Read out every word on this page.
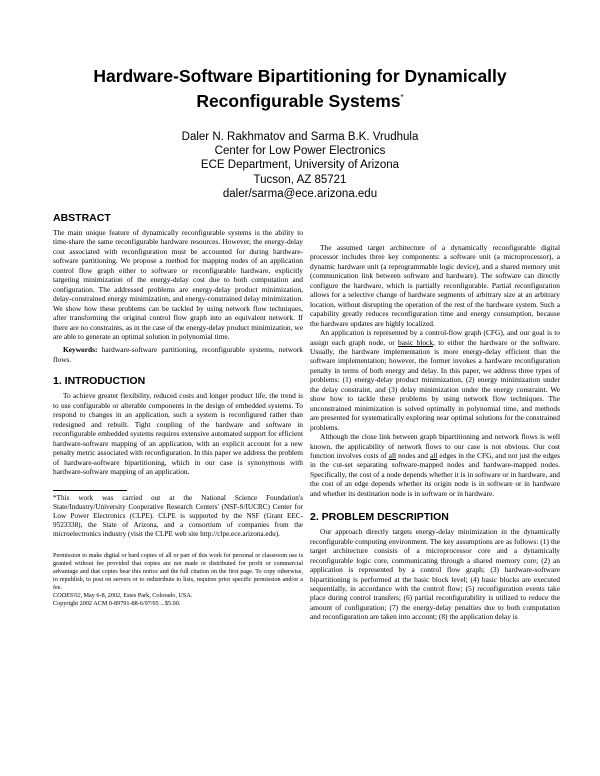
Hardware-Software Bipartitioning for Dynamically
Reconfigurable Systems*
Daler N. Rakhmatov and Sarma B.K. Vrudhula
Center for Low Power Electronics
ECE Department, University of Arizona
Tucson, AZ 85721
daler/sarma@ece.arizona.edu
ABSTRACT

The main unique feature of dynamically reconfigurable systems is the ability to time-share the same reconfigurable hardware resources. However, the energy-delay cost associated with reconfiguration must be accounted for during hardware-software partitioning. We propose a method for mapping nodes of an application control flow graph either to software or reconfigurable hardware, explicitly targeting minimization of the energy-delay cost due to both computation and configuration. The addressed problems are energy-delay product minimization, delay-constrained energy minimization, and energy-constrained delay minimization. We show how these problems can be tackled by using network flow techniques, after transforming the original control flow graph into an equivalent network. If there are no constraints, as in the case of the energy-delay product minimization, we are able to generate an optimal solution in polynomial time.

Keywords: hardware-software partitioning, reconfigurable systems, network flows.

1. INTRODUCTION

To achieve greater flexibility, reduced costs and longer product life, the trend is to use configurable or alterable components in the design of embedded systems. To respond to changes in an application, such a system is reconfigured rather than redesigned and rebuilt. Tight coupling of the hardware and software in reconfigurable embedded systems requires extensive automated support for efficient hardware-software mapping of an application, with an explicit account for a new penalty metric associated with reconfiguration. In this paper we address the problem of hardware-software bipartitioning, which in our case is synonymous with hardware-software mapping of an application.

*This work was carried out at the National Science Foundation's State/Industry/University Cooperative Research Centers' (NSF-S/IUCRC) Center for Low Power Electronics (CLPE). CLPE is supported by the NSF (Grant EEC-9523338), the State of Arizona, and a consortium of companies from the microelectronics industry (visit the CLPE web site http://clpe.ece.arizona.edu).

Permission to make digital or hard copies of all or part of this work for personal or classroom use is granted without fee provided that copies are not made or distributed for profit or commercial advantage and that copies bear this notice and the full citation on the first page. To copy otherwise, to republish, to post on servers or to redistribute to lists, requires prior specific permission and/or a fee.
CODES'02, May 6-8, 2002, Estes Park, Colorado, USA.
Copyright 2002 ACM 0-89791-88-6/97/05 ...$5.00.

The assumed target architecture of a dynamically reconfigurable digital processor includes three key components: a software unit (a microprocessor), a dynamic hardware unit (a reprogrammable logic device), and a shared memory unit (communication link between software and hardware). The software can directly configure the hardware, which is partially reconfigurable. Partial reconfiguration allows for a selective change of hardware segments of arbitrary size at an arbitrary location, without disrupting the operation of the rest of the hardware system. Such a capability greatly reduces reconfiguration time and energy consumption, because the hardware updates are highly localized.

An application is represented by a control-flow graph (CFG), and our goal is to assign each graph node, or basic block, to either the hardware or the software. Usually, the hardware implementation is more energy-delay efficient than the software implementation; however, the former invokes a hardware reconfiguration penalty in terms of both energy and delay. In this paper, we address three types of problems: (1) energy-delay product minimization, (2) energy minimization under the delay constraint, and (3) delay minimization under the energy constraint. We show how to tackle these problems by using network flow techniques. The unconstrained minimization is solved optimally in polynomial time, and methods are presented for systematically exploring near optimal solutions for the constrained problems.

Although the close link between graph bipartitioning and network flows is well known, the applicability of network flows to our case is not obvious. Our cost function involves costs of all nodes and all edges in the CFG, and not just the edges in the cut-set separating software-mapped nodes and hardware-mapped nodes. Specifically, the cost of a node depends whether it is in software or in hardware, and the cost of an edge depends whether its origin node is in software or in hardware and whether its destination node is in software or in hardware.

2. PROBLEM DESCRIPTION

Our approach directly targets energy-delay minimization in the dynamically reconfigurable computing environment. The key assumptions are as follows: (1) the target architecture consists of a microprocessor core and a dynamically reconfigurable logic core, communicating through a shared memory core; (2) an application is represented by a control flow graph; (3) hardware-software bipartitioning is performed at the basic block level; (4) basic blocks are executed sequentially, in accordance with the control flow; (5) reconfiguration events take place during control transfers; (6) partial reconfigurability is utilized to reduce the amount of configuration; (7) the energy-delay penalties due to both computation and reconfiguration are taken into account; (8) the application delay is
